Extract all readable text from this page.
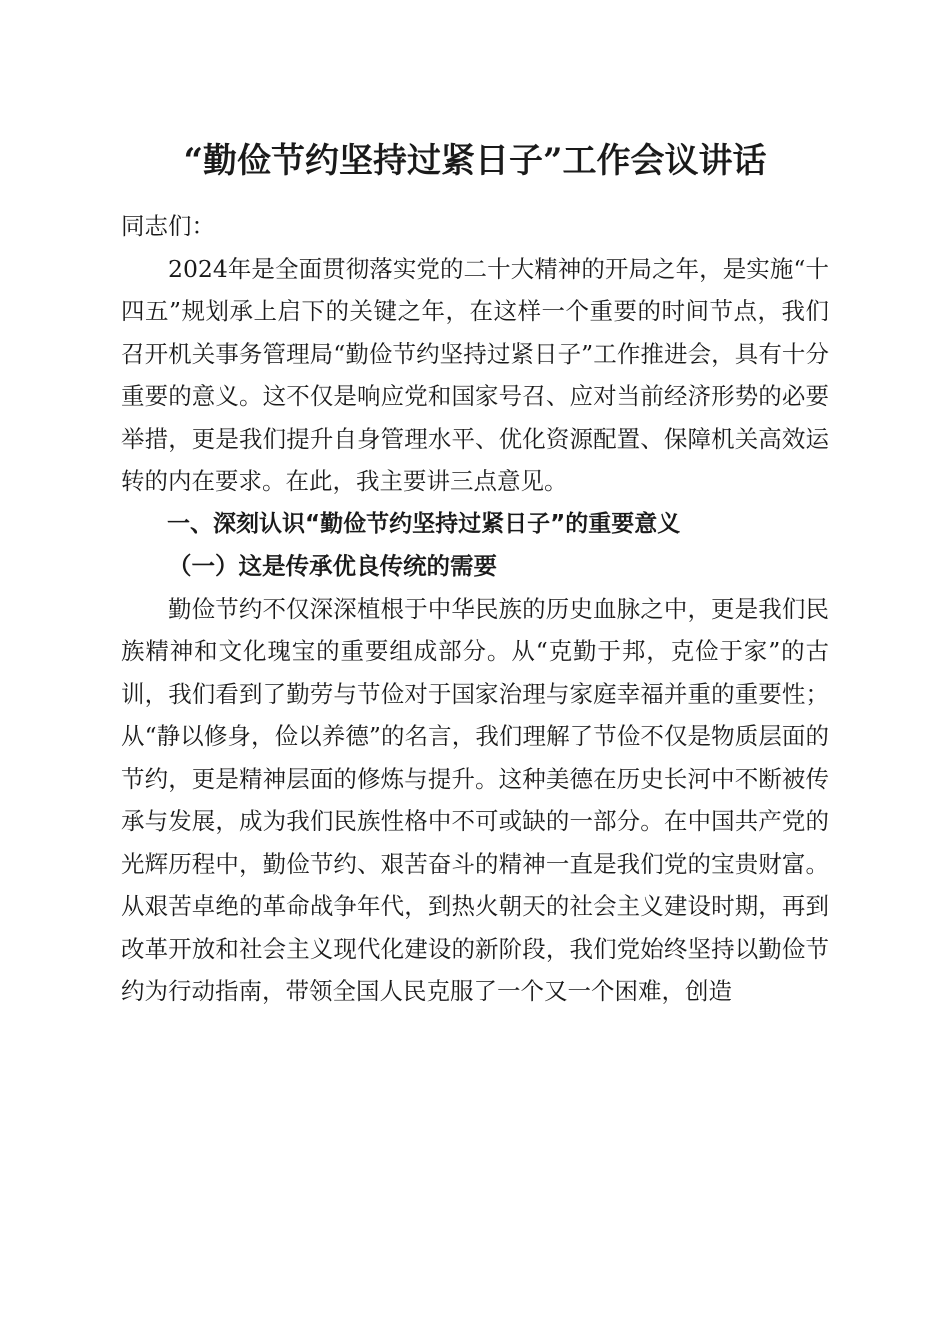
“勤俭节约坚持过紧日子”工作会议讲话

同志们：

2024年是全面贯彻落实党的二十大精神的开局之年，是实施“十四五”规划承上启下的关键之年，在这样一个重要的时间节点，我们召开机关事务管理局“勤俭节约坚持过紧日子”工作推进会，具有十分重要的意义。这不仅是响应党和国家号召、应对当前经济形势的必要举措，更是我们提升自身管理水平、优化资源配置、保障机关高效运转的内在要求。在此，我主要讲三点意见。

一、深刻认识“勤俭节约坚持过紧日子”的重要意义

（一）这是传承优良传统的需要

勤俭节约不仅深深植根于中华民族的历史血脉之中，更是我们民族精神和文化瑰宝的重要组成部分。从“克勤于邦，克俭于家”的古训，我们看到了勤劳与节俭对于国家治理与家庭幸福并重的重要性；从“静以修身，俭以养德”的名言，我们理解了节俭不仅是物质层面的节约，更是精神层面的修炼与提升。这种美德在历史长河中不断被传承与发展，成为我们民族性格中不可或缺的一部分。在中国共产党的光辉历程中，勤俭节约、艰苦奋斗的精神一直是我们党的宝贵财富。从艰苦卓绝的革命战争年代，到热火朝天的社会主义建设时期，再到改革开放和社会主义现代化建设的新阶段，我们党始终坚持以勤俭节约为行动指南，带领全国人民克服了一个又一个困难，创造
